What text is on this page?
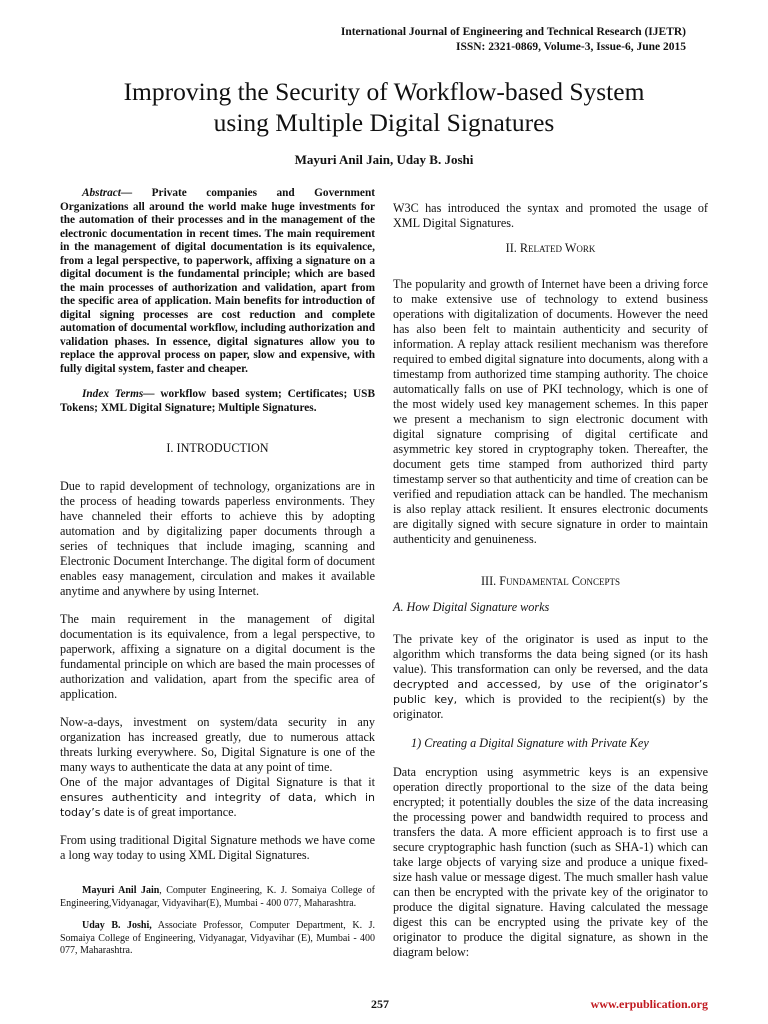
International Journal of Engineering and Technical Research (IJETR)
ISSN: 2321-0869, Volume-3, Issue-6, June 2015
Improving the Security of Workflow-based System
using Multiple Digital Signatures
Mayuri Anil Jain, Uday B. Joshi

Abstract— Private companies and Government Organizations all around the world make huge investments for the automation of their processes and in the management of the electronic documentation in recent times. The main requirement in the management of digital documentation is its equivalence, from a legal perspective, to paperwork, affixing a signature on a digital document is the fundamental principle; which are based the main processes of authorization and validation, apart from the specific area of application. Main benefits for introduction of digital signing processes are cost reduction and complete automation of documental workflow, including authorization and validation phases. In essence, digital signatures allow you to replace the approval process on paper, slow and expensive, with fully digital system, faster and cheaper.

Index Terms— workflow based system; Certificates; USB Tokens; XML Digital Signature; Multiple Signatures.

I. INTRODUCTION

Due to rapid development of technology, organizations are in the process of heading towards paperless environments. They have channeled their efforts to achieve this by adopting automation and by digitalizing paper documents through a series of techniques that include imaging, scanning and Electronic Document Interchange. The digital form of document enables easy management, circulation and makes it available anytime and anywhere by using Internet.

The main requirement in the management of digital documentation is its equivalence, from a legal perspective, to paperwork, affixing a signature on a digital document is the fundamental principle on which are based the main processes of authorization and validation, apart from the specific area of application.

Now-a-days, investment on system/data security in any organization has increased greatly, due to numerous attack threats lurking everywhere. So, Digital Signature is one of the many ways to authenticate the data at any point of time.

One of the major advantages of Digital Signature is that it ensures authenticity and integrity of data, which in today’s date is of great importance.

From using traditional Digital Signature methods we have come a long way today to using XML Digital Signatures.

Mayuri Anil Jain, Computer Engineering, K. J. Somaiya College of Engineering,Vidyanagar, Vidyavihar(E), Mumbai - 400 077, Maharashtra.

Uday B. Joshi, Associate Professor, Computer Department, K. J. Somaiya College of Engineering, Vidyanagar, Vidyavihar (E), Mumbai - 400 077, Maharashtra.

W3C has introduced the syntax and promoted the usage of XML Digital Signatures.

II. Related Work

The popularity and growth of Internet have been a driving force to make extensive use of technology to extend business operations with digitalization of documents. However the need has also been felt to maintain authenticity and security of information. A replay attack resilient mechanism was therefore required to embed digital signature into documents, along with a timestamp from authorized time stamping authority. The choice automatically falls on use of PKI technology, which is one of the most widely used key management schemes. In this paper we present a mechanism to sign electronic document with digital signature comprising of digital certificate and asymmetric key stored in cryptography token. Thereafter, the document gets time stamped from authorized third party timestamp server so that authenticity and time of creation can be verified and repudiation attack can be handled. The mechanism is also replay attack resilient. It ensures electronic documents are digitally signed with secure signature in order to maintain authenticity and genuineness.

III. Fundamental Concepts

A. How Digital Signature works

The private key of the originator is used as input to the algorithm which transforms the data being signed (or its hash value). This transformation can only be reversed, and the data decrypted and accessed, by use of the originator’s public key, which is provided to the recipient(s) by the originator.

1) Creating a Digital Signature with Private Key

Data encryption using asymmetric keys is an expensive operation directly proportional to the size of the data being encrypted; it potentially doubles the size of the data increasing the processing power and bandwidth required to process and transfers the data. A more efficient approach is to first use a secure cryptographic hash function (such as SHA-1) which can take large objects of varying size and produce a unique fixed-size hash value or message digest. The much smaller hash value can then be encrypted with the private key of the originator to produce the digital signature. Having calculated the message digest this can be encrypted using the private key of the originator to produce the digital signature, as shown in the diagram below:

257	www.erpublication.org
